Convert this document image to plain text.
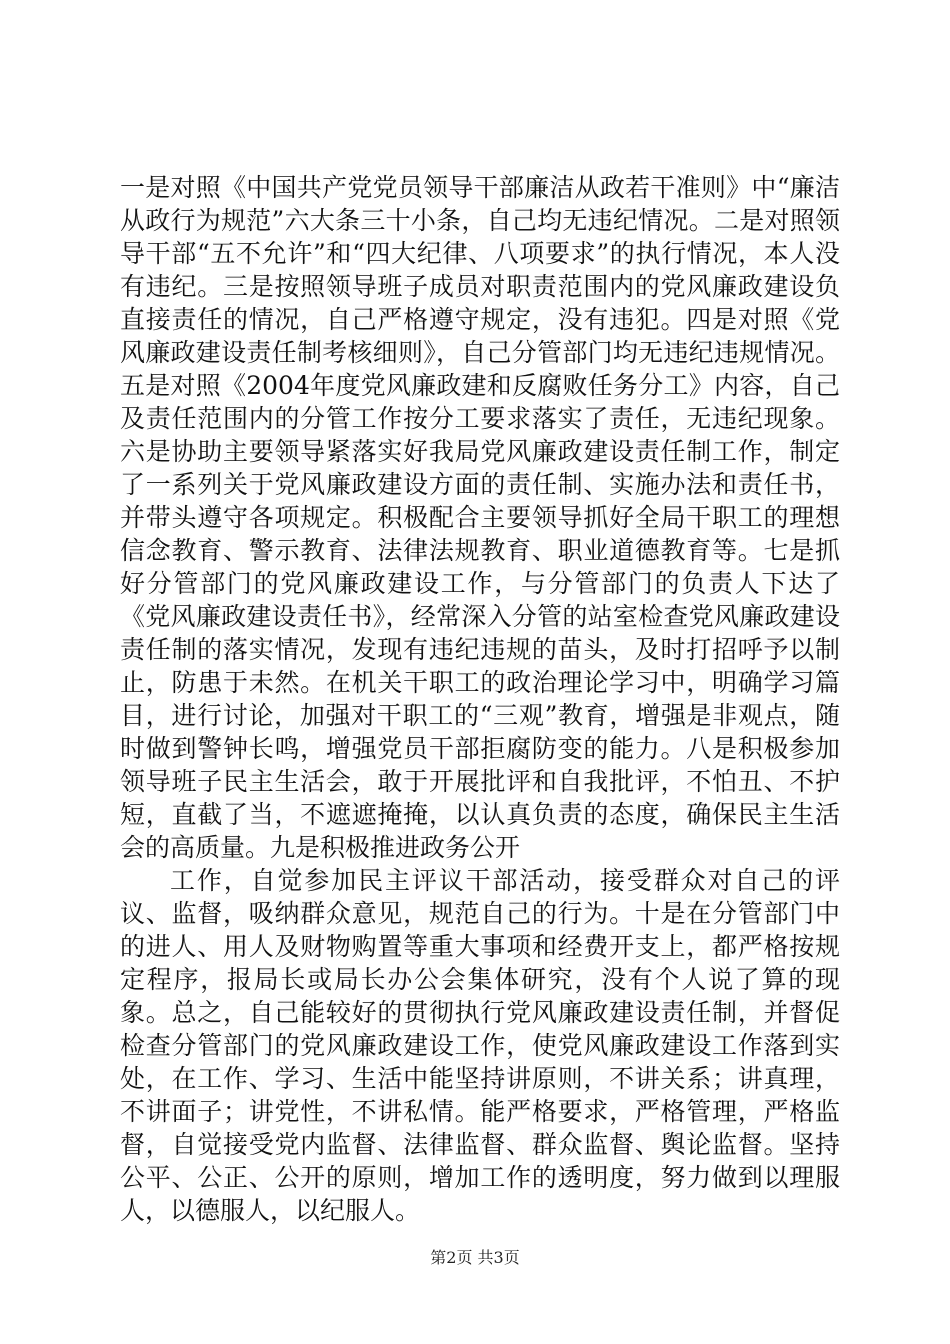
一是对照《中国共产党党员领导干部廉洁从政若干准则》中“廉洁从政行为规范”六大条三十小条，自己均无违纪情况。二是对照领导干部“五不允许”和“四大纪律、八项要求”的执行情况，本人没有违纪。三是按照领导班子成员对职责范围内的党风廉政建设负直接责任的情况，自己严格遵守规定，没有违犯。四是对照《党风廉政建设责任制考核细则》，自己分管部门均无违纪违规情况。五是对照《2004年度党风廉政建和反腐败任务分工》内容，自己及责任范围内的分管工作按分工要求落实了责任，无违纪现象。六是协助主要领导紧落实好我局党风廉政建设责任制工作，制定了一系列关于党风廉政建设方面的责任制、实施办法和责任书，并带头遵守各项规定。积极配合主要领导抓好全局干职工的理想信念教育、警示教育、法律法规教育、职业道德教育等。七是抓好分管部门的党风廉政建设工作，与分管部门的负责人下达了《党风廉政建设责任书》，经常深入分管的站室检查党风廉政建设责任制的落实情况，发现有违纪违规的苗头，及时打招呼予以制止，防患于未然。在机关干职工的政治理论学习中，明确学习篇目，进行讨论，加强对干职工的“三观”教育，增强是非观点，随时做到警钟长鸣，增强党员干部拒腐防变的能力。八是积极参加领导班子民主生活会，敢于开展批评和自我批评，不怕丑、不护短，直截了当，不遮遮掩掩，以认真负责的态度，确保民主生活会的高质量。九是积极推进政务公开

工作，自觉参加民主评议干部活动，接受群众对自己的评议、监督，吸纳群众意见，规范自己的行为。十是在分管部门中的进人、用人及财物购置等重大事项和经费开支上，都严格按规定程序，报局长或局长办公会集体研究，没有个人说了算的现象。总之，自己能较好的贯彻执行党风廉政建设责任制，并督促检查分管部门的党风廉政建设工作，使党风廉政建设工作落到实处，在工作、学习、生活中能坚持讲原则，不讲关系；讲真理，不讲面子；讲党性，不讲私情。能严格要求，严格管理，严格监督，自觉接受党内监督、法律监督、群众监督、舆论监督。坚持公平、公正、公开的原则，增加工作的透明度，努力做到以理服人，以德服人，以纪服人。

第2页 共3页
